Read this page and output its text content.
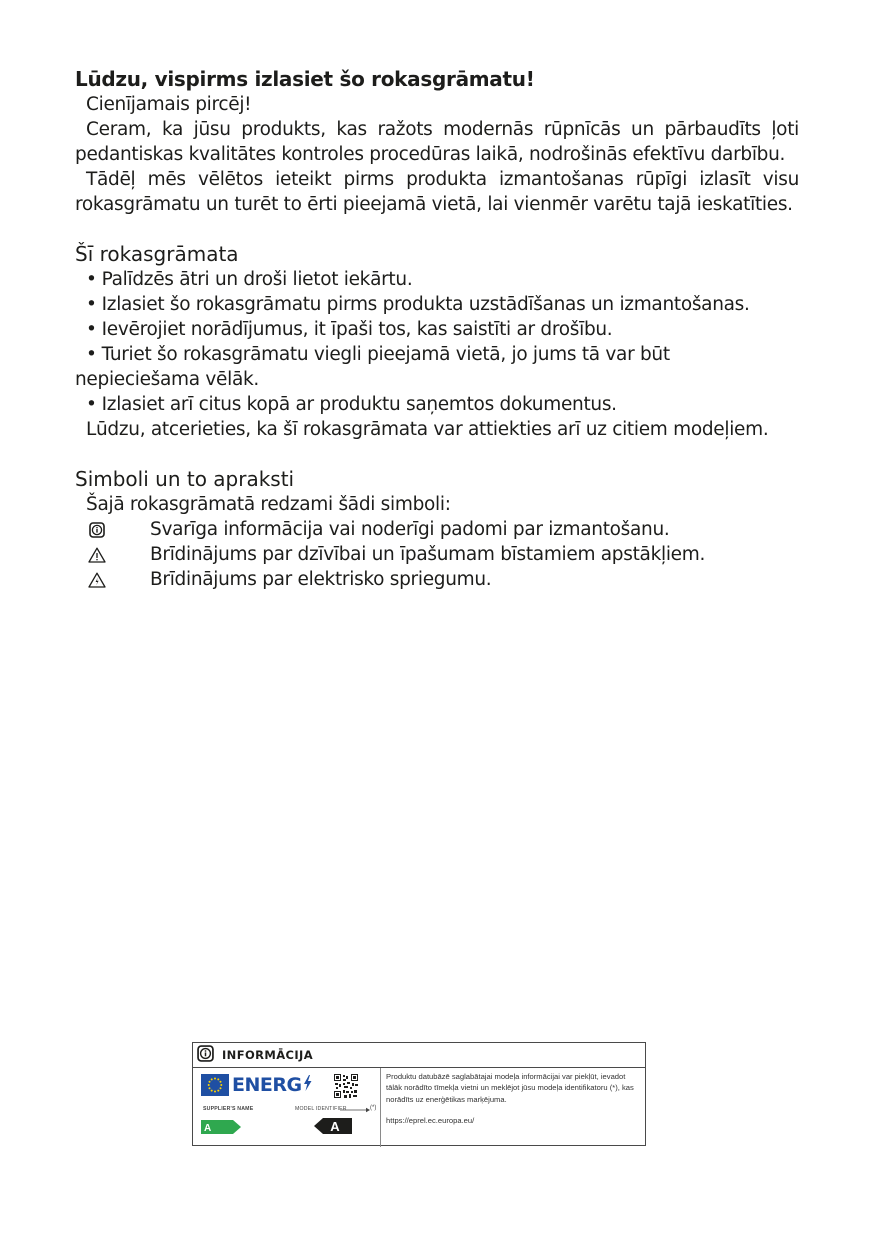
Lūdzu, vispirms izlasiet šo rokasgrāmatu!

Cienījamais pircēj!

Ceram, ka jūsu produkts, kas ražots modernās rūpnīcās un pārbaudīts ļoti pedantiskas kvalitātes kontroles procedūras laikā, nodrošinās efektīvu darbību.

Tādēļ mēs vēlētos ieteikt pirms produkta izmantošanas rūpīgi izlasīt visu rokasgrāmatu un turēt to ērti pieejamā vietā, lai vienmēr varētu tajā ieskatīties.

Šī rokasgrāmata

• Palīdzēs ātri un droši lietot iekārtu.

• Izlasiet šo rokasgrāmatu pirms produkta uzstādīšanas un izmantošanas.

• Ievērojiet norādījumus, it īpaši tos, kas saistīti ar drošību.

• Turiet šo rokasgrāmatu viegli pieejamā vietā, jo jums tā var būt nepieciešama vēlāk.

• Izlasiet arī citus kopā ar produktu saņemtos dokumentus.

Lūdzu, atcerieties, ka šī rokasgrāmata var attiekties arī uz citiem modeļiem.

Simboli un to apraksti

Šajā rokasgrāmatā redzami šādi simboli:

Svarīga informācija vai noderīgi padomi par izmantošanu.
Brīdinājums par dzīvībai un īpašumam bīstamiem apstākļiem.
Brīdinājums par elektrisko spriegumu.
INFORMĀCIJA
ENERG
SUPPLIER'S NAME	MODEL IDENTIFIER	(*)
A	A
Produktu datubāzē saglabātajai modeļa informācijai var piekļūt, ievadot tālāk norādīto tīmekļa vietni un meklējot jūsu modeļa identifikatoru (*), kas norādīts uz enerģētikas marķējuma.
https://eprel.ec.europa.eu/
